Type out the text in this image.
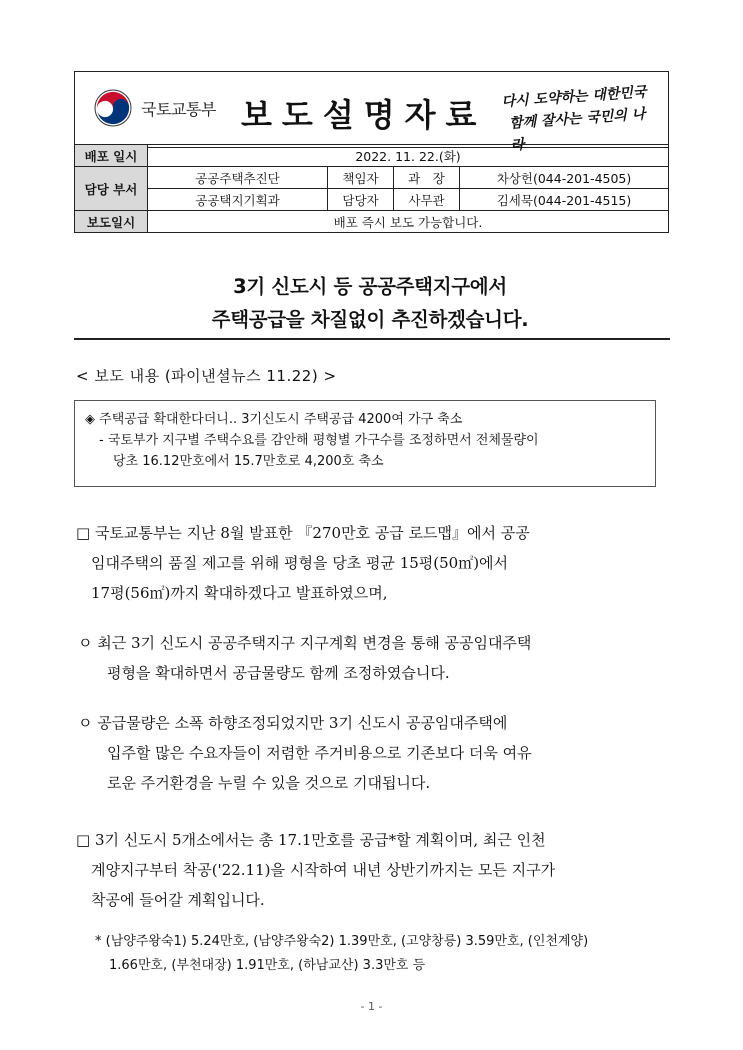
국토교통부 보도설명자료 다시 도약하는 대한민국
함께 잘사는 국민의 나라
배포 일시	2022. 11. 22.(화)			
담당 부서	공공주택추진단	책임자	과　장	차상헌(044-201-4505)
	공공택지기획과	담당자	사무관	김세묵(044-201-4515)
보도일시	배포 즉시 보도 가능합니다.			
3기 신도시 등 공공주택지구에서
주택공급을 차질없이 추진하겠습니다.
< 보도 내용 (파이낸셜뉴스 11.22) >
◈ 주택공급 확대한다더니.. 3기신도시 주택공급 4200여 가구 축소
- 국토부가 지구별 주택수요를 감안해 평형별 가구수를 조정하면서 전체물량이
당초 16.12만호에서 15.7만호로 4,200호 축소
□ 국토교통부는 지난 8월 발표한 『270만호 공급 로드맵』에서 공공
임대주택의 품질 제고를 위해 평형을 당초 평균 15평(50㎡)에서
17평(56㎡)까지 확대하겠다고 발표하였으며,
ㅇ 최근 3기 신도시 공공주택지구 지구계획 변경을 통해 공공임대주택
평형을 확대하면서 공급물량도 함께 조정하였습니다.
ㅇ 공급물량은 소폭 하향조정되었지만 3기 신도시 공공임대주택에
입주할 많은 수요자들이 저렴한 주거비용으로 기존보다 더욱 여유
로운 주거환경을 누릴 수 있을 것으로 기대됩니다.
□ 3기 신도시 5개소에서는 총 17.1만호를 공급*할 계획이며, 최근 인천
계양지구부터 착공('22.11)을 시작하여 내년 상반기까지는 모든 지구가
착공에 들어갈 계획입니다.
* (남양주왕숙1) 5.24만호, (남양주왕숙2) 1.39만호, (고양창릉) 3.59만호, (인천계양)
1.66만호, (부천대장) 1.91만호, (하남교산) 3.3만호 등
- 1 -
